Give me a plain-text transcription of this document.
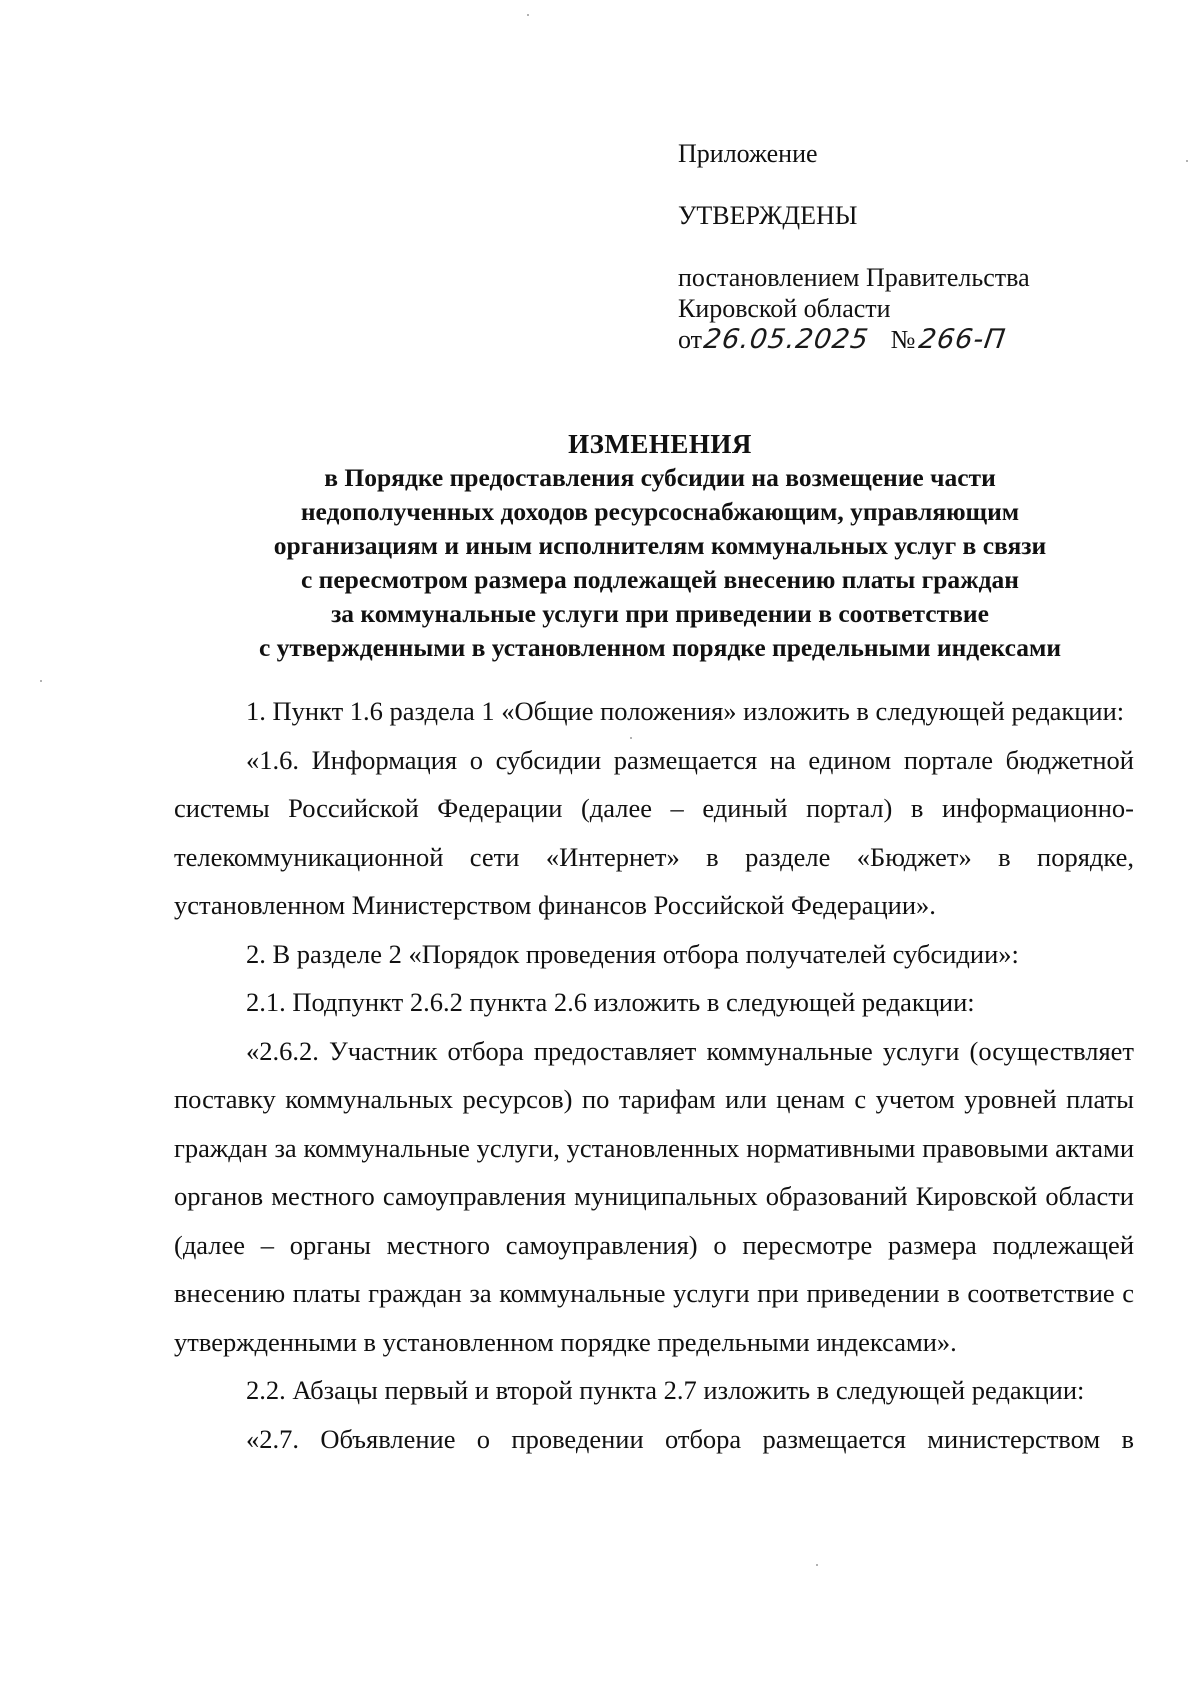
Приложение
УТВЕРЖДЕНЫ
постановлением Правительства
Кировской области
от 26.05.2025 № 266-П
ИЗМЕНЕНИЯ
в Порядке предоставления субсидии на возмещение части
недополученных доходов ресурсоснабжающим, управляющим
организациям и иным исполнителям коммунальных услуг в связи
с пересмотром размера подлежащей внесению платы граждан
за коммунальные услуги при приведении в соответствие
с утвержденными в установленном порядке предельными индексами

1. Пункт 1.6 раздела 1 «Общие положения» изложить в следующей редакции:

«1.6. Информация о субсидии размещается на едином портале бюджетной системы Российской Федерации (далее – единый портал) в информационно-телекоммуникационной сети «Интернет» в разделе «Бюджет» в порядке, установленном Министерством финансов Российской Федерации».

2. В разделе 2 «Порядок проведения отбора получателей субсидии»:

2.1. Подпункт 2.6.2 пункта 2.6 изложить в следующей редакции:

«2.6.2. Участник отбора предоставляет коммунальные услуги (осуществляет поставку коммунальных ресурсов) по тарифам или ценам с учетом уровней платы граждан за коммунальные услуги, установленных нормативными правовыми актами органов местного самоуправления муниципальных образований Кировской области (далее – органы местного самоуправления) о пересмотре размера подлежащей внесению платы граждан за коммунальные услуги при приведении в соответствие с утвержденными в установленном порядке предельными индексами».

2.2. Абзацы первый и второй пункта 2.7 изложить в следующей редакции:

«2.7. Объявление о проведении отбора размещается министерством в
